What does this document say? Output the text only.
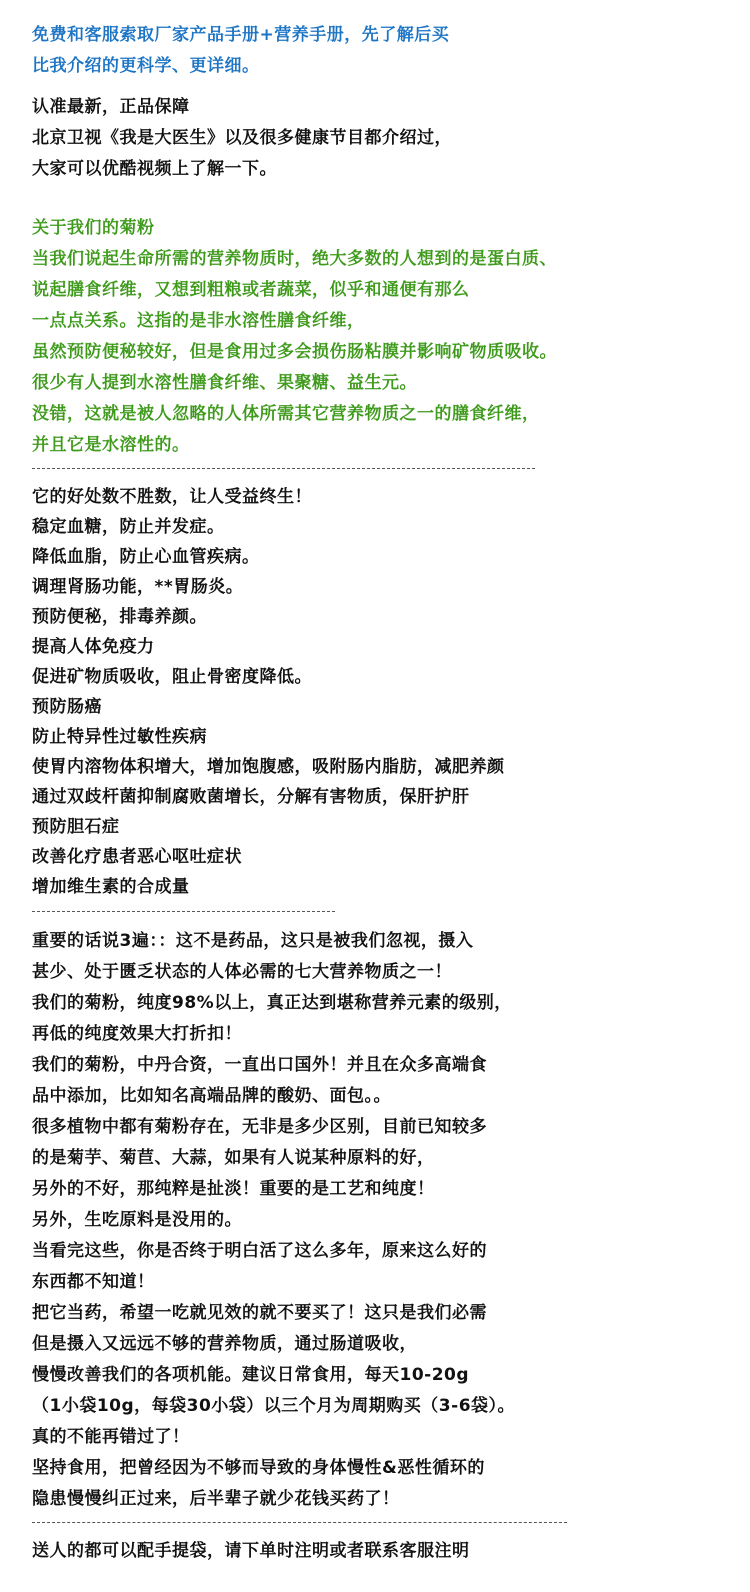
免费和客服索取厂家产品手册+营养手册，先了解后买
比我介绍的更科学、更详细。
认准最新，正品保障
北京卫视《我是大医生》以及很多健康节目都介绍过，
大家可以优酷视频上了解一下。
关于我们的菊粉
当我们说起生命所需的营养物质时，绝大多数的人想到的是蛋白质、
说起膳食纤维，又想到粗粮或者蔬菜，似乎和通便有那么
一点点关系。这指的是非水溶性膳食纤维，
虽然预防便秘较好，但是食用过多会损伤肠粘膜并影响矿物质吸收。
很少有人提到水溶性膳食纤维、果聚糖、益生元。
没错，这就是被人忽略的人体所需其它营养物质之一的膳食纤维，
并且它是水溶性的。
它的好处数不胜数，让人受益终生！
稳定血糖，防止并发症。
降低血脂，防止心血管疾病。
调理肾肠功能，**胃肠炎。
预防便秘，排毒养颜。
提高人体免疫力
促进矿物质吸收，阻止骨密度降低。
预防肠癌
防止特异性过敏性疾病
使胃内溶物体积增大，增加饱腹感，吸附肠内脂肪，减肥养颜
通过双歧杆菌抑制腐败菌增长，分解有害物质，保肝护肝
预防胆石症
改善化疗患者恶心呕吐症状
增加维生素的合成量
重要的话说3遍：：这不是药品，这只是被我们忽视，摄入
甚少、处于匮乏状态的人体必需的七大营养物质之一！
我们的菊粉，纯度98%以上，真正达到堪称营养元素的级别，
再低的纯度效果大打折扣！
我们的菊粉，中丹合资，一直出口国外！并且在众多高端食
品中添加，比如知名高端品牌的酸奶、面包。。
很多植物中都有菊粉存在，无非是多少区别，目前已知较多
的是菊芋、菊苣、大蒜，如果有人说某种原料的好，
另外的不好，那纯粹是扯淡！重要的是工艺和纯度！
另外，生吃原料是没用的。
当看完这些，你是否终于明白活了这么多年，原来这么好的
东西都不知道！
把它当药，希望一吃就见效的就不要买了！这只是我们必需
但是摄入又远远不够的营养物质，通过肠道吸收，
慢慢改善我们的各项机能。建议日常食用，每天10-20g
（1小袋10g，每袋30小袋）以三个月为周期购买（3-6袋）。
真的不能再错过了！
坚持食用，把曾经因为不够而导致的身体慢性&恶性循环的
隐患慢慢纠正过来，后半辈子就少花钱买药了！
送人的都可以配手提袋，请下单时注明或者联系客服注明
